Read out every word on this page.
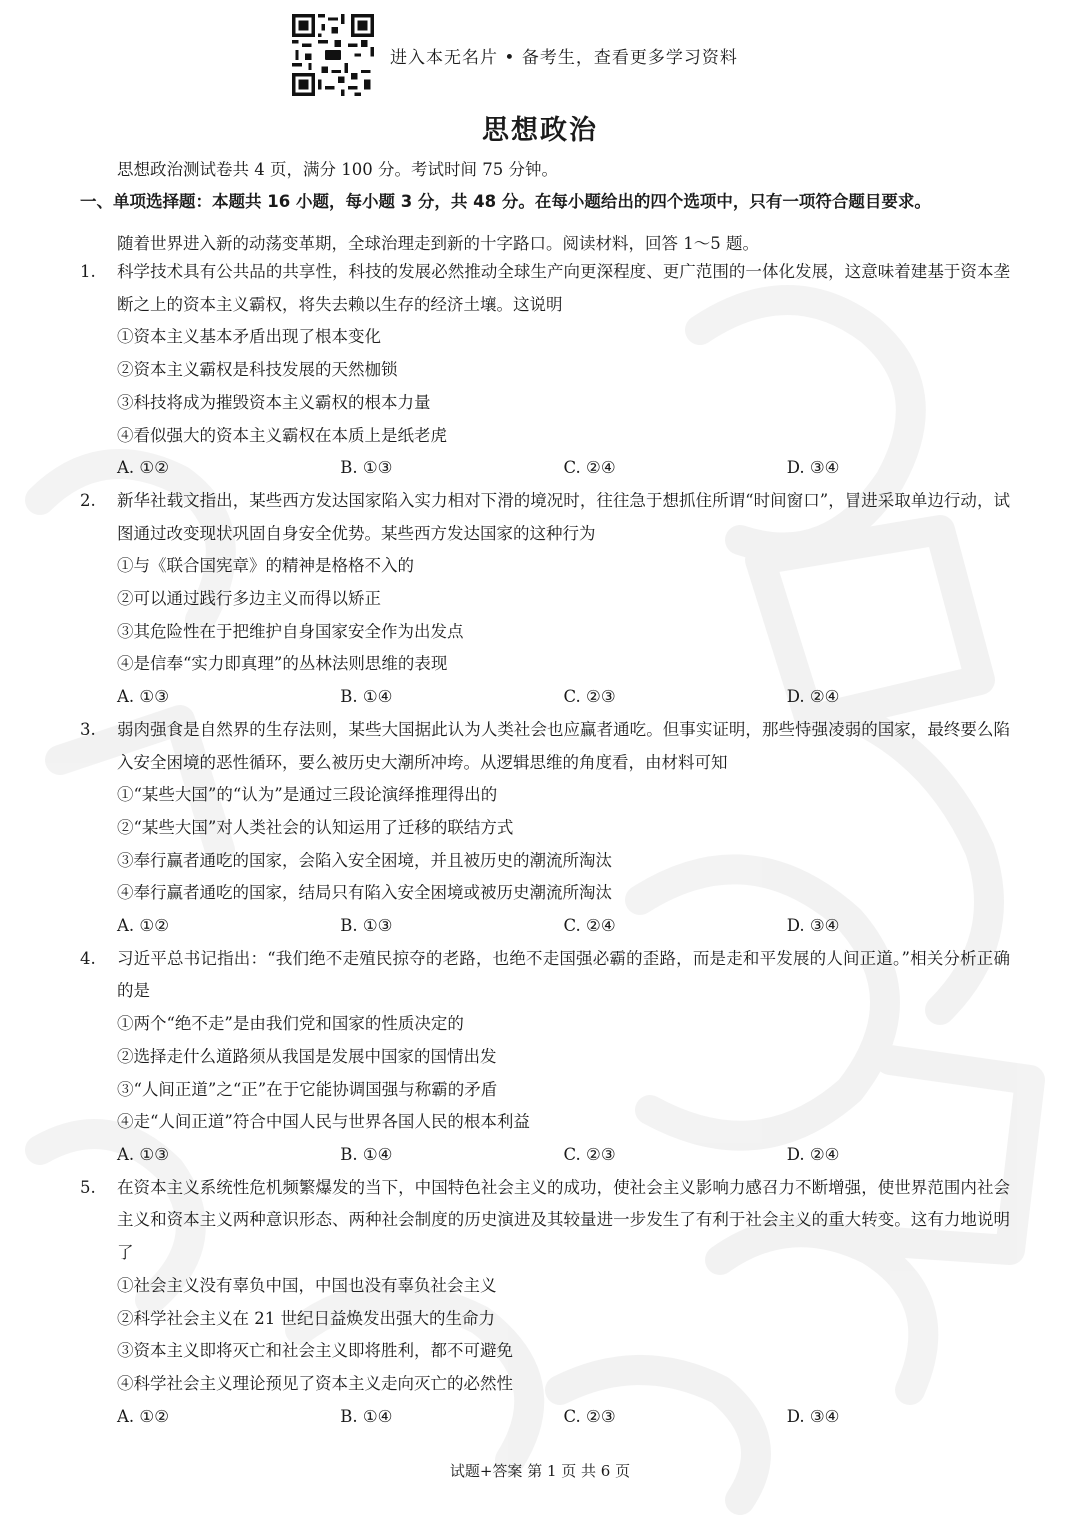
进入本无名片 • 备考生，查看更多学习资料
思想政治
思想政治测试卷共 4 页，满分 100 分。考试时间 75 分钟。
一、单项选择题：本题共 16 小题，每小题 3 分，共 48 分。在每小题给出的四个选项中，只有一项符合题目要求。
随着世界进入新的动荡变革期，全球治理走到新的十字路口。阅读材料，回答 1～5 题。
1. 科学技术具有公共品的共享性，科技的发展必然推动全球生产向更深程度、更广范围的一体化发展，这意味着建基于资本垄断之上的资本主义霸权，将失去赖以生存的经济土壤。这说明
①资本主义基本矛盾出现了根本变化
②资本主义霸权是科技发展的天然枷锁
③科技将成为摧毁资本主义霸权的根本力量
④看似强大的资本主义霸权在本质上是纸老虎
A. ①②	B. ①③	C. ②④	D. ③④
2. 新华社载文指出，某些西方发达国家陷入实力相对下滑的境况时，往往急于想抓住所谓“时间窗口”，冒进采取单边行动，试图通过改变现状巩固自身安全优势。某些西方发达国家的这种行为
①与《联合国宪章》的精神是格格不入的
②可以通过践行多边主义而得以矫正
③其危险性在于把维护自身国家安全作为出发点
④是信奉“实力即真理”的丛林法则思维的表现
A. ①③	B. ①④	C. ②③	D. ②④
3. 弱肉强食是自然界的生存法则，某些大国据此认为人类社会也应赢者通吃。但事实证明，那些恃强凌弱的国家，最终要么陷入安全困境的恶性循环，要么被历史大潮所冲垮。从逻辑思维的角度看，由材料可知
①“某些大国”的“认为”是通过三段论演绎推理得出的
②“某些大国”对人类社会的认知运用了迁移的联结方式
③奉行赢者通吃的国家，会陷入安全困境，并且被历史的潮流所淘汰
④奉行赢者通吃的国家，结局只有陷入安全困境或被历史潮流所淘汰
A. ①②	B. ①③	C. ②④	D. ③④
4. 习近平总书记指出：“我们绝不走殖民掠夺的老路，也绝不走国强必霸的歪路，而是走和平发展的人间正道。”相关分析正确的是
①两个“绝不走”是由我们党和国家的性质决定的
②选择走什么道路须从我国是发展中国家的国情出发
③“人间正道”之“正”在于它能协调国强与称霸的矛盾
④走“人间正道”符合中国人民与世界各国人民的根本利益
A. ①③	B. ①④	C. ②③	D. ②④
5. 在资本主义系统性危机频繁爆发的当下，中国特色社会主义的成功，使社会主义影响力感召力不断增强，使世界范围内社会主义和资本主义两种意识形态、两种社会制度的历史演进及其较量进一步发生了有利于社会主义的重大转变。这有力地说明了
①社会主义没有辜负中国，中国也没有辜负社会主义
②科学社会主义在 21 世纪日益焕发出强大的生命力
③资本主义即将灭亡和社会主义即将胜利，都不可避免
④科学社会主义理论预见了资本主义走向灭亡的必然性
A. ①②	B. ①④	C. ②③	D. ③④
试题+答案 第 1 页 共 6 页
